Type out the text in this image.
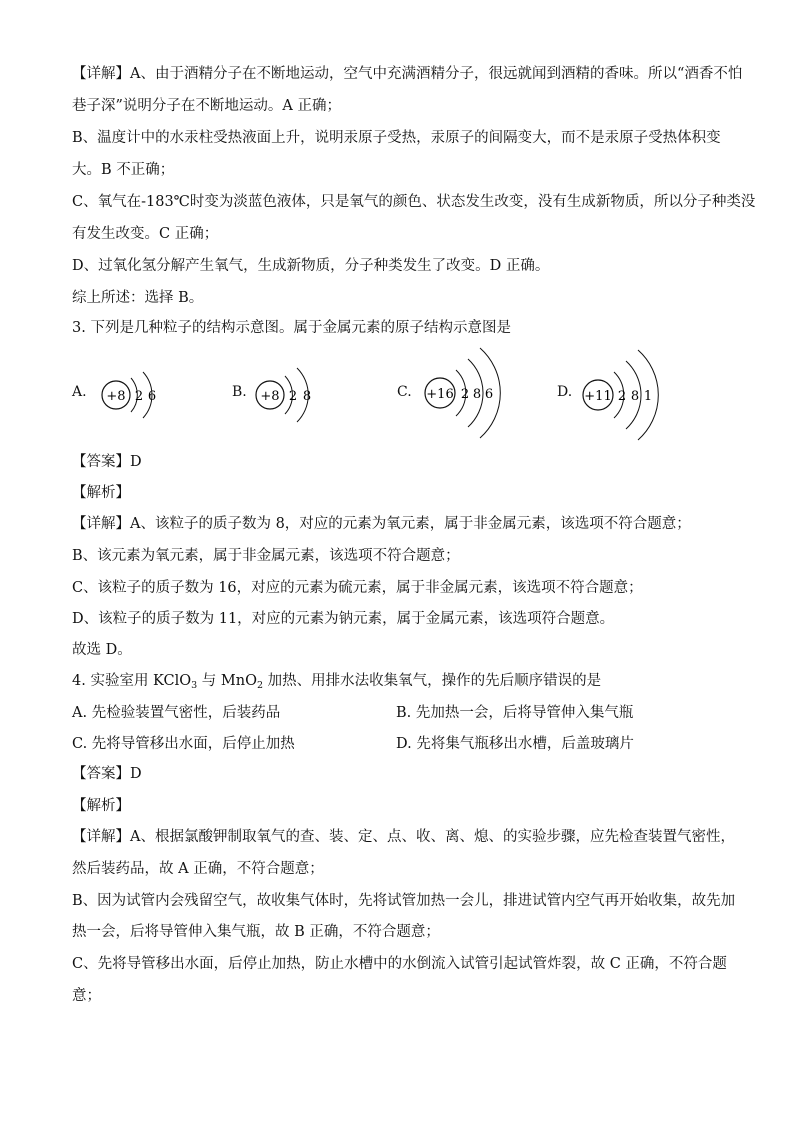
【详解】A、由于酒精分子在不断地运动，空气中充满酒精分子，很远就闻到酒精的香味。所以“酒香不怕
巷子深”说明分子在不断地运动。A 正确；
B、温度计中的水汞柱受热液面上升，说明汞原子受热，汞原子的间隔变大，而不是汞原子受热体积变
大。B 不正确；
C、氧气在-183℃时变为淡蓝色液体，只是氧气的颜色、状态发生改变，没有生成新物质，所以分子种类没
有发生改变。C 正确；
D、过氧化氢分解产生氧气，生成新物质，分子种类发生了改变。D 正确。
综上所述：选择 B。
3. 下列是几种粒子的结构示意图。属于金属元素的原子结构示意图是
A.	B.	C.	D.
+8 2 6	+8 2 8	+16 2 8 6	+11 2 8 1
【答案】D
【解析】
【详解】A、该粒子的质子数为 8，对应的元素为氧元素，属于非金属元素，该选项不符合题意；
B、该元素为氧元素，属于非金属元素，该选项不符合题意；
C、该粒子的质子数为 16，对应的元素为硫元素，属于非金属元素，该选项不符合题意；
D、该粒子的质子数为 11，对应的元素为钠元素，属于金属元素，该选项符合题意。
故选 D。
4. 实验室用 KClO$_3$ 与 MnO$_2$ 加热、用排水法收集氧气，操作的先后顺序错误的是
A. 先检验装置气密性，后装药品	B. 先加热一会，后将导管伸入集气瓶
C. 先将导管移出水面，后停止加热	D. 先将集气瓶移出水槽，后盖玻璃片
【答案】D
【解析】
【详解】A、根据氯酸钾制取氧气的查、装、定、点、收、离、熄、的实验步骤，应先检查装置气密性，
然后装药品，故 A 正确，不符合题意；
B、因为试管内会残留空气，故收集气体时，先将试管加热一会儿，排进试管内空气再开始收集，故先加
热一会，后将导管伸入集气瓶，故 B 正确，不符合题意；
C、先将导管移出水面，后停止加热，防止水槽中的水倒流入试管引起试管炸裂，故 C 正确，不符合题
意；
